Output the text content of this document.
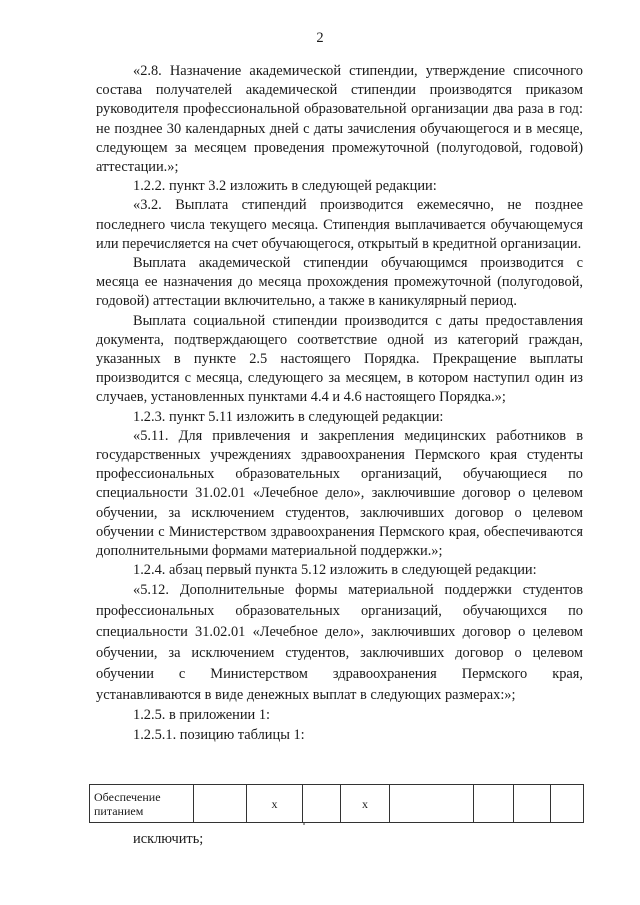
2

«2.8. Назначение академической стипендии, утверждение списочного состава получателей академической стипендии производятся приказом руководителя профессиональной образовательной организации два раза в год: не позднее 30 календарных дней с даты зачисления обучающегося и в месяце, следующем за месяцем проведения промежуточной (полугодовой, годовой) аттестации.»;

1.2.2. пункт 3.2 изложить в следующей редакции:

«3.2. Выплата стипендий производится ежемесячно, не позднее последнего числа текущего месяца. Стипендия выплачивается обучающемуся или перечисляется на счет обучающегося, открытый в кредитной организации.

Выплата академической стипендии обучающимся производится с месяца ее назначения до месяца прохождения промежуточной (полугодовой, годовой) аттестации включительно, а также в каникулярный период.

Выплата социальной стипендии производится с даты предоставления документа, подтверждающего соответствие одной из категорий граждан, указанных в пункте 2.5 настоящего Порядка. Прекращение выплаты производится с месяца, следующего за месяцем, в котором наступил один из случаев, установленных пунктами 4.4 и 4.6 настоящего Порядка.»;

1.2.3. пункт 5.11 изложить в следующей редакции:

«5.11. Для привлечения и закрепления медицинских работников в государственных учреждениях здравоохранения Пермского края студенты профессиональных образовательных организаций, обучающиеся по специальности 31.02.01 «Лечебное дело», заключившие договор о целевом обучении, за исключением студентов, заключивших договор о целевом обучении с Министерством здравоохранения Пермского края, обеспечиваются дополнительными формами материальной поддержки.»;

1.2.4. абзац первый пункта 5.12 изложить в следующей редакции:

«5.12. Дополнительные формы материальной поддержки студентов профессиональных образовательных организаций, обучающихся по специальности 31.02.01 «Лечебное дело», заключивших договор о целевом обучении, за исключением студентов, заключивших договор о целевом обучении с Министерством здравоохранения Пермского края, устанавливаются в виде денежных выплат в следующих размерах:»;

1.2.5. в приложении 1:

1.2.5.1. позицию таблицы 1:

Обеспечение питанием		х		х				
исключить;
